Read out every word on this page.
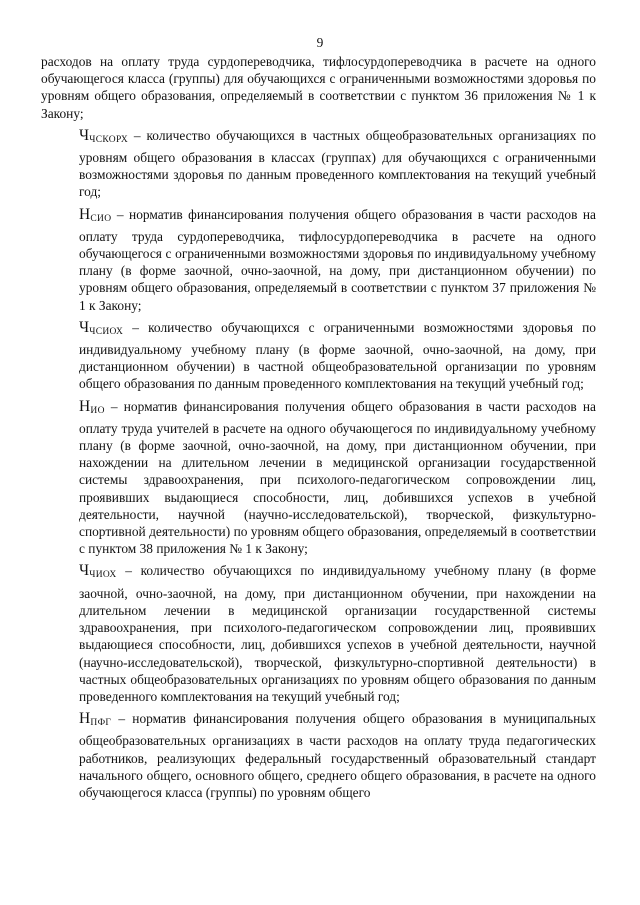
9

расходов на оплату труда сурдопереводчика, тифлосурдопереводчика в расчете на одного обучающегося класса (группы) для обучающихся с ограниченными возможностями здоровья по уровням общего образования, определяемый в соответствии с пунктом 36 приложения № 1 к Закону;

$Ч_{ЧСКОРХ}$ – количество обучающихся в частных общеобразовательных организациях по уровням общего образования в классах (группах) для обучающихся с ограниченными возможностями здоровья по данным проведенного комплектования на текущий учебный год;

$Н_{СИО}$ – норматив финансирования получения общего образования в части расходов на оплату труда сурдопереводчика, тифлосурдопереводчика в расчете на одного обучающегося с ограниченными возможностями здоровья по индивидуальному учебному плану (в форме заочной, очно-заочной, на дому, при дистанционном обучении) по уровням общего образования, определяемый в соответствии с пунктом 37 приложения № 1 к Закону;

$Ч_{ЧСИОХ}$ – количество обучающихся с ограниченными возможностями здоровья по индивидуальному учебному плану (в форме заочной, очно-заочной, на дому, при дистанционном обучении) в частной общеобразовательной организации по уровням общего образования по данным проведенного комплектования на текущий учебный год;

$Н_{ИО}$ – норматив финансирования получения общего образования в части расходов на оплату труда учителей в расчете на одного обучающегося по индивидуальному учебному плану (в форме заочной, очно-заочной, на дому, при дистанционном обучении, при нахождении на длительном лечении в медицинской организации государственной системы здравоохранения, при психолого-педагогическом сопровождении лиц, проявивших выдающиеся способности, лиц, добившихся успехов в учебной деятельности, научной (научно-исследовательской), творческой, физкультурно-спортивной деятельности) по уровням общего образования, определяемый в соответствии с пунктом 38 приложения № 1 к Закону;

$Ч_{ЧИОХ}$ – количество обучающихся по индивидуальному учебному плану (в форме заочной, очно-заочной, на дому, при дистанционном обучении, при нахождении на длительном лечении в медицинской организации государственной системы здравоохранения, при психолого-педагогическом сопровождении лиц, проявивших выдающиеся способности, лиц, добившихся успехов в учебной деятельности, научной (научно-исследовательской), творческой, физкультурно-спортивной деятельности) в частных общеобразовательных организациях по уровням общего образования по данным проведенного комплектования на текущий учебный год;

$Н_{ПФГ}$ – норматив финансирования получения общего образования в муниципальных общеобразовательных организациях в части расходов на оплату труда педагогических работников, реализующих федеральный государственный образовательный стандарт начального общего, основного общего, среднего общего образования, в расчете на одного обучающегося класса (группы) по уровням общего
